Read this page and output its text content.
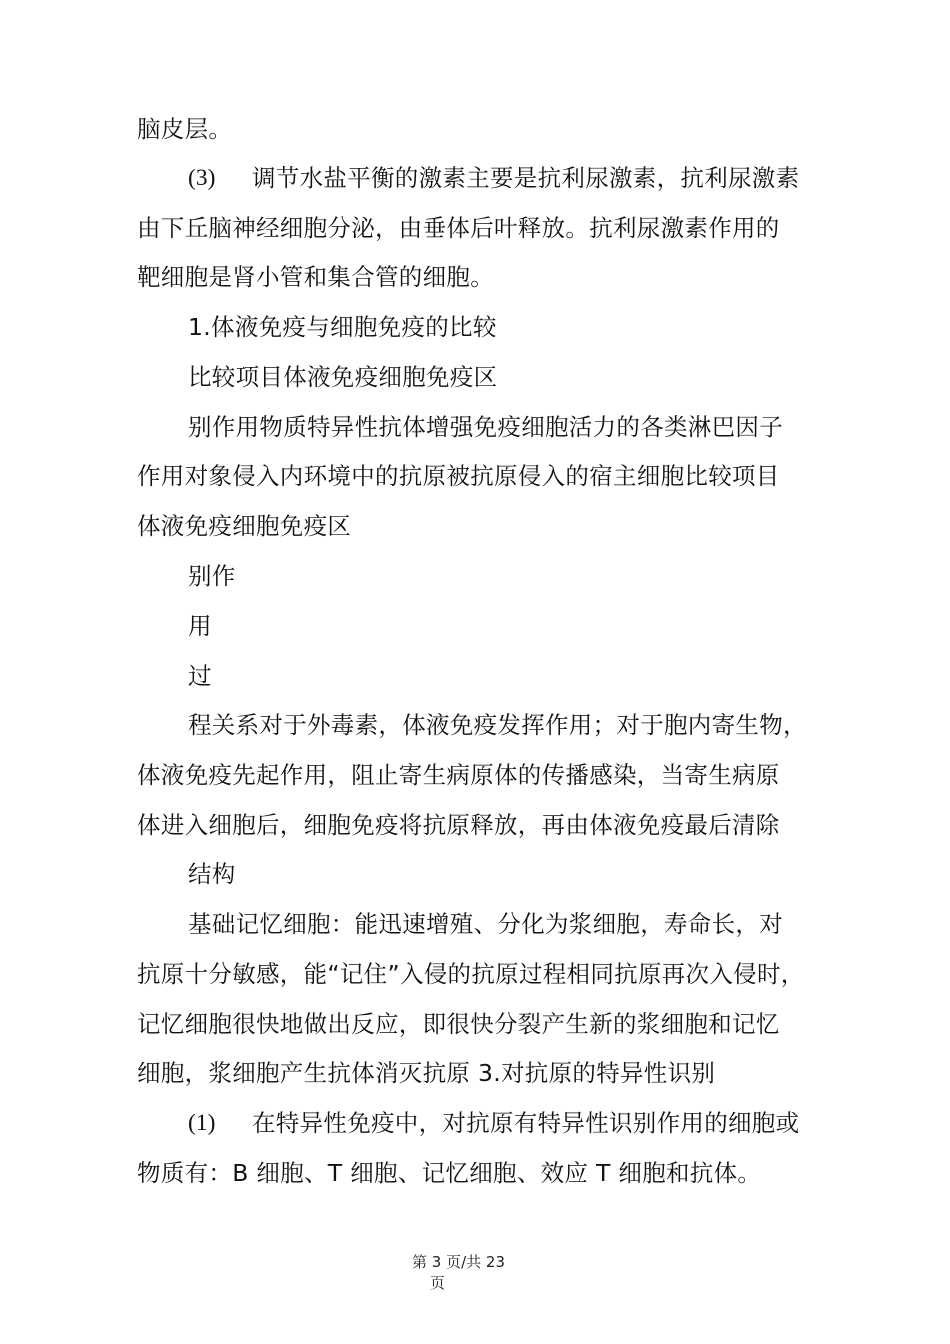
脑皮层。
(3) 调节水盐平衡的激素主要是抗利尿激素，抗利尿激素
由下丘脑神经细胞分泌，由垂体后叶释放。抗利尿激素作用的
靶细胞是肾小管和集合管的细胞。
1.体液免疫与细胞免疫的比较
比较项目体液免疫细胞免疫区
别作用物质特异性抗体增强免疫细胞活力的各类淋巴因子
作用对象侵入内环境中的抗原被抗原侵入的宿主细胞比较项目
体液免疫细胞免疫区
别作
用
过
程关系对于外毒素，体液免疫发挥作用；对于胞内寄生物，
体液免疫先起作用，阻止寄生病原体的传播感染，当寄生病原
体进入细胞后，细胞免疫将抗原释放，再由体液免疫最后清除
结构
基础记忆细胞：能迅速增殖、分化为浆细胞，寿命长，对
抗原十分敏感，能“记住”入侵的抗原过程相同抗原再次入侵时，
记忆细胞很快地做出反应，即很快分裂产生新的浆细胞和记忆
细胞，浆细胞产生抗体消灭抗原 3.对抗原的特异性识别
(1) 在特异性免疫中，对抗原有特异性识别作用的细胞或
物质有：B 细胞、T 细胞、记忆细胞、效应 T 细胞和抗体。
第 3 页/共 23
页
